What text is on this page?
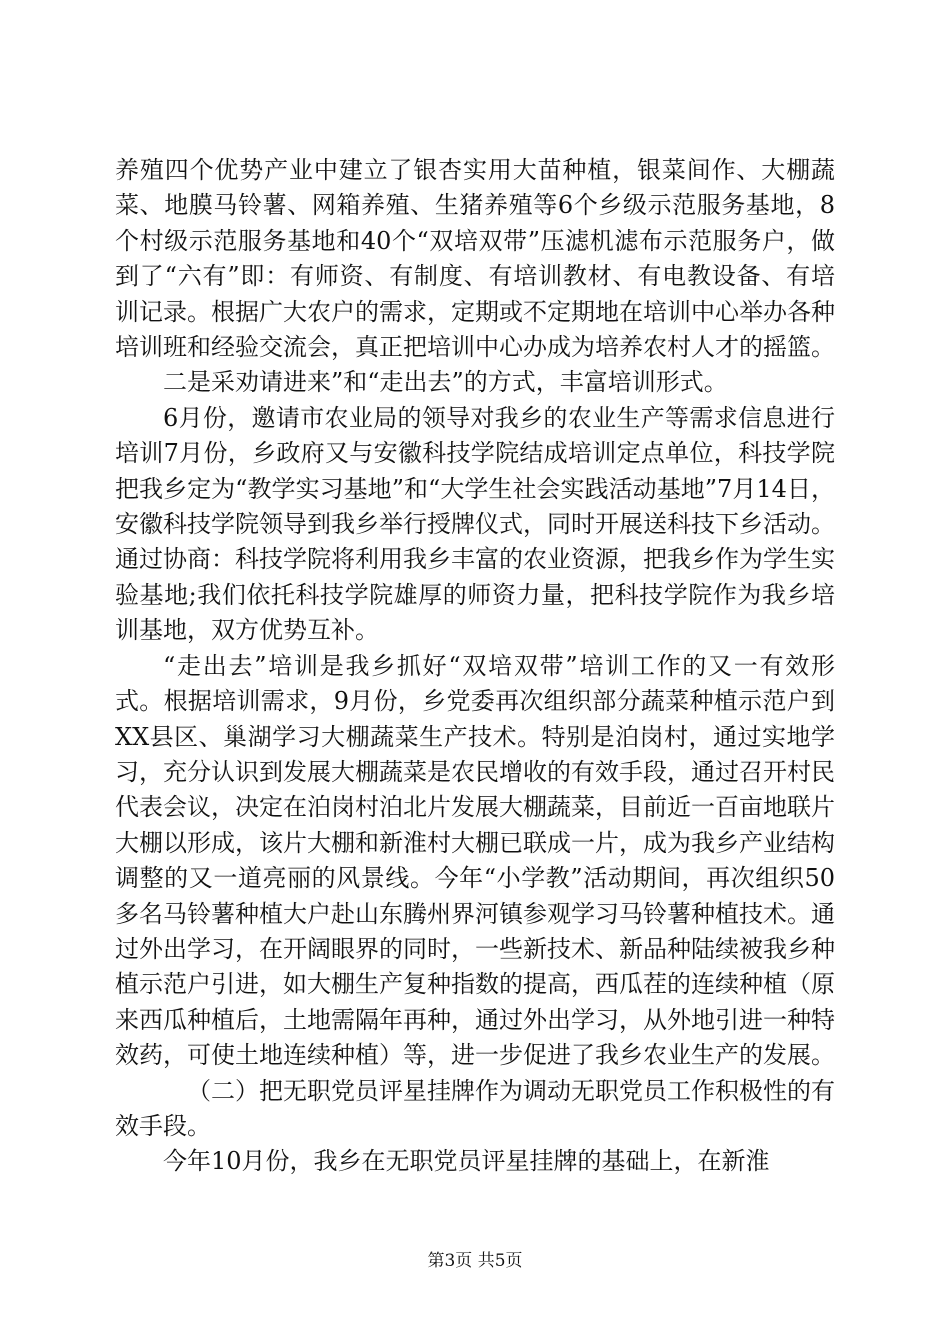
养殖四个优势产业中建立了银杏实用大苗种植，银菜间作、大棚蔬菜、地膜马铃薯、网箱养殖、生猪养殖等6个乡级示范服务基地，8个村级示范服务基地和40个“双培双带”压滤机滤布示范服务户，做到了“六有”即：有师资、有制度、有培训教材、有电教设备、有培训记录。根据广大农户的需求，定期或不定期地在培训中心举办各种培训班和经验交流会，真正把培训中心办成为培养农村人才的摇篮。

二是采劝请进来”和“走出去”的方式，丰富培训形式。

6月份，邀请市农业局的领导对我乡的农业生产等需求信息进行培训7月份，乡政府又与安徽科技学院结成培训定点单位，科技学院把我乡定为“教学实习基地”和“大学生社会实践活动基地”7月14日，安徽科技学院领导到我乡举行授牌仪式，同时开展送科技下乡活动。通过协商：科技学院将利用我乡丰富的农业资源，把我乡作为学生实验基地;我们依托科技学院雄厚的师资力量，把科技学院作为我乡培训基地，双方优势互补。

“走出去”培训是我乡抓好“双培双带”培训工作的又一有效形式。根据培训需求，9月份，乡党委再次组织部分蔬菜种植示范户到XX县区、巢湖学习大棚蔬菜生产技术。特别是泊岗村，通过实地学习，充分认识到发展大棚蔬菜是农民增收的有效手段，通过召开村民代表会议，决定在泊岗村泊北片发展大棚蔬菜，目前近一百亩地联片大棚以形成，该片大棚和新淮村大棚已联成一片，成为我乡产业结构调整的又一道亮丽的风景线。今年“小学教”活动期间，再次组织50多名马铃薯种植大户赴山东腾州界河镇参观学习马铃薯种植技术。通过外出学习，在开阔眼界的同时，一些新技术、新品种陆续被我乡种植示范户引进，如大棚生产复种指数的提高，西瓜茬的连续种植（原来西瓜种植后，土地需隔年再种，通过外出学习，从外地引进一种特效药，可使土地连续种植）等，进一步促进了我乡农业生产的发展。

（二）把无职党员评星挂牌作为调动无职党员工作积极性的有效手段。

今年10月份，我乡在无职党员评星挂牌的基础上，在新淮

第3页 共5页
